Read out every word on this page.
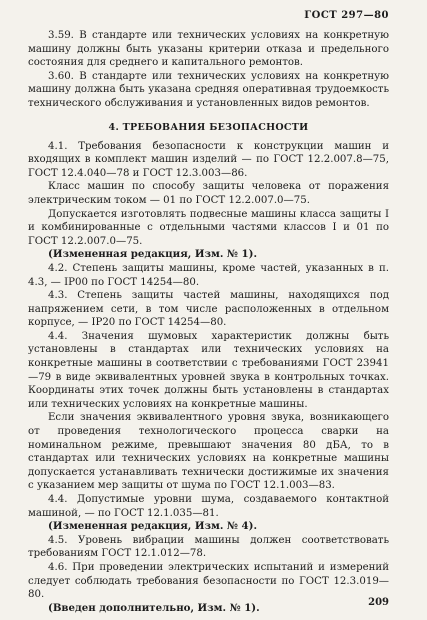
ГОСТ 297—80

3.59. В стандарте или технических условиях на конкретную машину должны быть указаны критерии отказа и предельного состояния для среднего и капитального ремонтов.

3.60. В стандарте или технических условиях на конкретную машину должна быть указана средняя оперативная трудоемкость технического обслуживания и установленных видов ремонтов.

4. ТРЕБОВАНИЯ БЕЗОПАСНОСТИ

4.1. Требования безопасности к конструкции машин и входящих в комплект машин изделий — по ГОСТ 12.2.007.8—75, ГОСТ 12.4.040—78 и ГОСТ 12.3.003—86.

Класс машин по способу защиты человека от поражения электрическим током — 01 по ГОСТ 12.2.007.0—75.

Допускается изготовлять подвесные машины класса защиты I и комбинированные с отдельными частями классов I и 01 по ГОСТ 12.2.007.0—75.

(Измененная редакция, Изм. № 1).

4.2. Степень защиты машины, кроме частей, указанных в п. 4.3, — IP00 по ГОСТ 14254—80.

4.3. Степень защиты частей машины, находящихся под напряжением сети, в том числе расположенных в отдельном корпусе, — IP20 по ГОСТ 14254—80.

4.4. Значения шумовых характеристик должны быть установлены в стандартах или технических условиях на конкретные машины в соответствии с требованиями ГОСТ 23941—79 в виде эквивалентных уровней звука в контрольных точках. Координаты этих точек должны быть установлены в стандартах или технических условиях на конкретные машины.

Если значения эквивалентного уровня звука, возникающего от проведения технологического процесса сварки на номинальном режиме, превышают значения 80 дБА, то в стандартах или технических условиях на конкретные машины допускается устанавливать технически достижимые их значения с указанием мер защиты от шума по ГОСТ 12.1.003—83.

4.4. Допустимые уровни шума, создаваемого контактной машиной, — по ГОСТ 12.1.035—81.

(Измененная редакция, Изм. № 4).

4.5. Уровень вибрации машины должен соответствовать требованиям ГОСТ 12.1.012—78.

4.6. При проведении электрических испытаний и измерений следует соблюдать требования безопасности по ГОСТ 12.3.019—80.

(Введен дополнительно, Изм. № 1).	209
